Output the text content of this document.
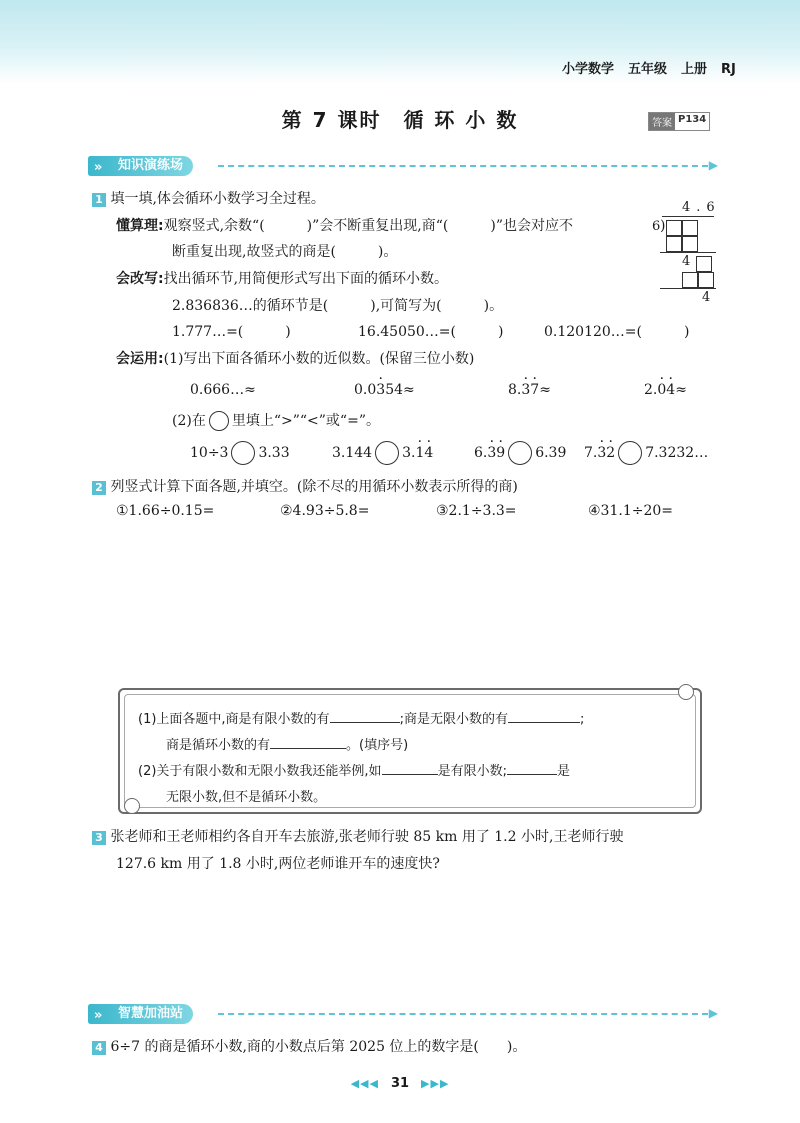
小学数学 五年级 上册 RJ
第 7 课时　循 环 小 数	答案 P134
» 知识演练场	▶
1 填一填,体会循环小数学习全过程。
懂算理:观察竖式,余数“(　　　)”会不断重复出现,商“(　　　)”也会对应不
断重复出现,故竖式的商是(　　　)。
4.6
6 )
4
4
会改写:找出循环节,用简便形式写出下面的循环小数。
2.836836…的循环节是(　　　),可简写为(　　　)。
1.777…=(　　　)	16.45050…=(　　　)	0.120120…=(　　　)
会运用:(1)写出下面各循环小数的近似数。(保留三位小数)
0.666…≈	0.0· 354≈	8.· 3· 7≈	2.· 0· 4≈
(2)在 里填上“>”“<”或“=”。
10÷3 3.33	3.144 3.· 1· 4	6.· 3· 9 6.39 7.· 3· 2 7.3232…
2 列竖式计算下面各题,并填空。(除不尽的用循环小数表示所得的商)
①1.66÷0.15=	②4.93÷5.8=	③2.1÷3.3=	④31.1÷20=
(1)上面各题中,商是有限小数的有	;商是无限小数的有	;
商是循环小数的有	。(填序号)
(2)关于有限小数和无限小数我还能举例,如	是有限小数;	是
无限小数,但不是循环小数。
3 张老师和王老师相约各自开车去旅游,张老师行驶 85 km 用了 1.2 小时,王老师行驶
127.6 km 用了 1.8 小时,两位老师谁开车的速度快?
» 智慧加油站	▶
4 6÷7 的商是循环小数,商的小数点后第 2025 位上的数字是(　　)。
◀◀◀ 31 ▶▶▶
